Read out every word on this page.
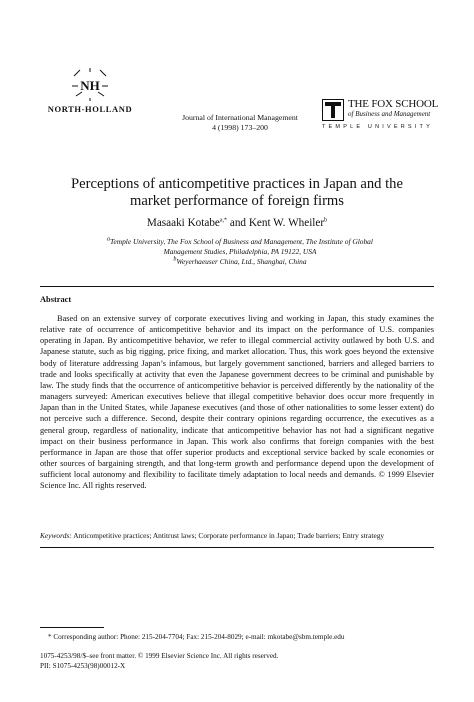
NH
NORTH-HOLLAND
Journal of International Management
4 (1998) 173–200
THE FOX SCHOOL
of Business and Management
TEMPLE UNIVERSITY
Perceptions of anticompetitive practices in Japan and the
market performance of foreign firms
Masaaki Kotabe$^{a,*}$ and Kent W. Wheiler$^b$
$^a$Temple University, The Fox School of Business and Management, The Institute of Global
Management Studies, Philadelphia, PA 19122, USA
$^b$Weyerhaeuser China, Ltd., Shanghai, China
Abstract
Based on an extensive survey of corporate executives living and working in Japan, this study examines the relative rate of occurrence of anticompetitive behavior and its impact on the performance of U.S. companies operating in Japan. By anticompetitive behavior, we refer to illegal commercial activity outlawed by both U.S. and Japanese statute, such as big rigging, price fixing, and market allocation. Thus, this work goes beyond the extensive body of literature addressing Japan’s infamous, but largely government sanctioned, barriers and alleged barriers to trade and looks specifically at activity that even the Japanese government decrees to be criminal and punishable by law. The study finds that the occurrence of anticompetitive behavior is perceived differently by the nationality of the managers surveyed: American executives believe that illegal competitive behavior does occur more frequently in Japan than in the United States, while Japanese executives (and those of other nationalities to some lesser extent) do not perceive such a difference. Second, despite their contrary opinions regarding occurrence, the executives as a general group, regardless of nationality, indicate that anticompetitive behavior has not had a significant negative impact on their business performance in Japan. This work also confirms that foreign companies with the best performance in Japan are those that offer superior products and exceptional service backed by scale economies or other sources of bargaining strength, and that long-term growth and performance depend upon the development of sufficient local autonomy and flexibility to facilitate timely adaptation to local needs and demands. © 1999 Elsevier Science Inc. All rights reserved.
Keywords: Anticompetitive practices; Antitrust laws; Corporate performance in Japan; Trade barriers; Entry strategy
* Corresponding author: Phone: 215-204-7704; Fax: 215-204-8029; e-mail: mkotabe@sbm.temple.edu
1075-4253/98/$–see front matter. © 1999 Elsevier Science Inc. All rights reserved.
PII: S1075-4253(98)00012-X
